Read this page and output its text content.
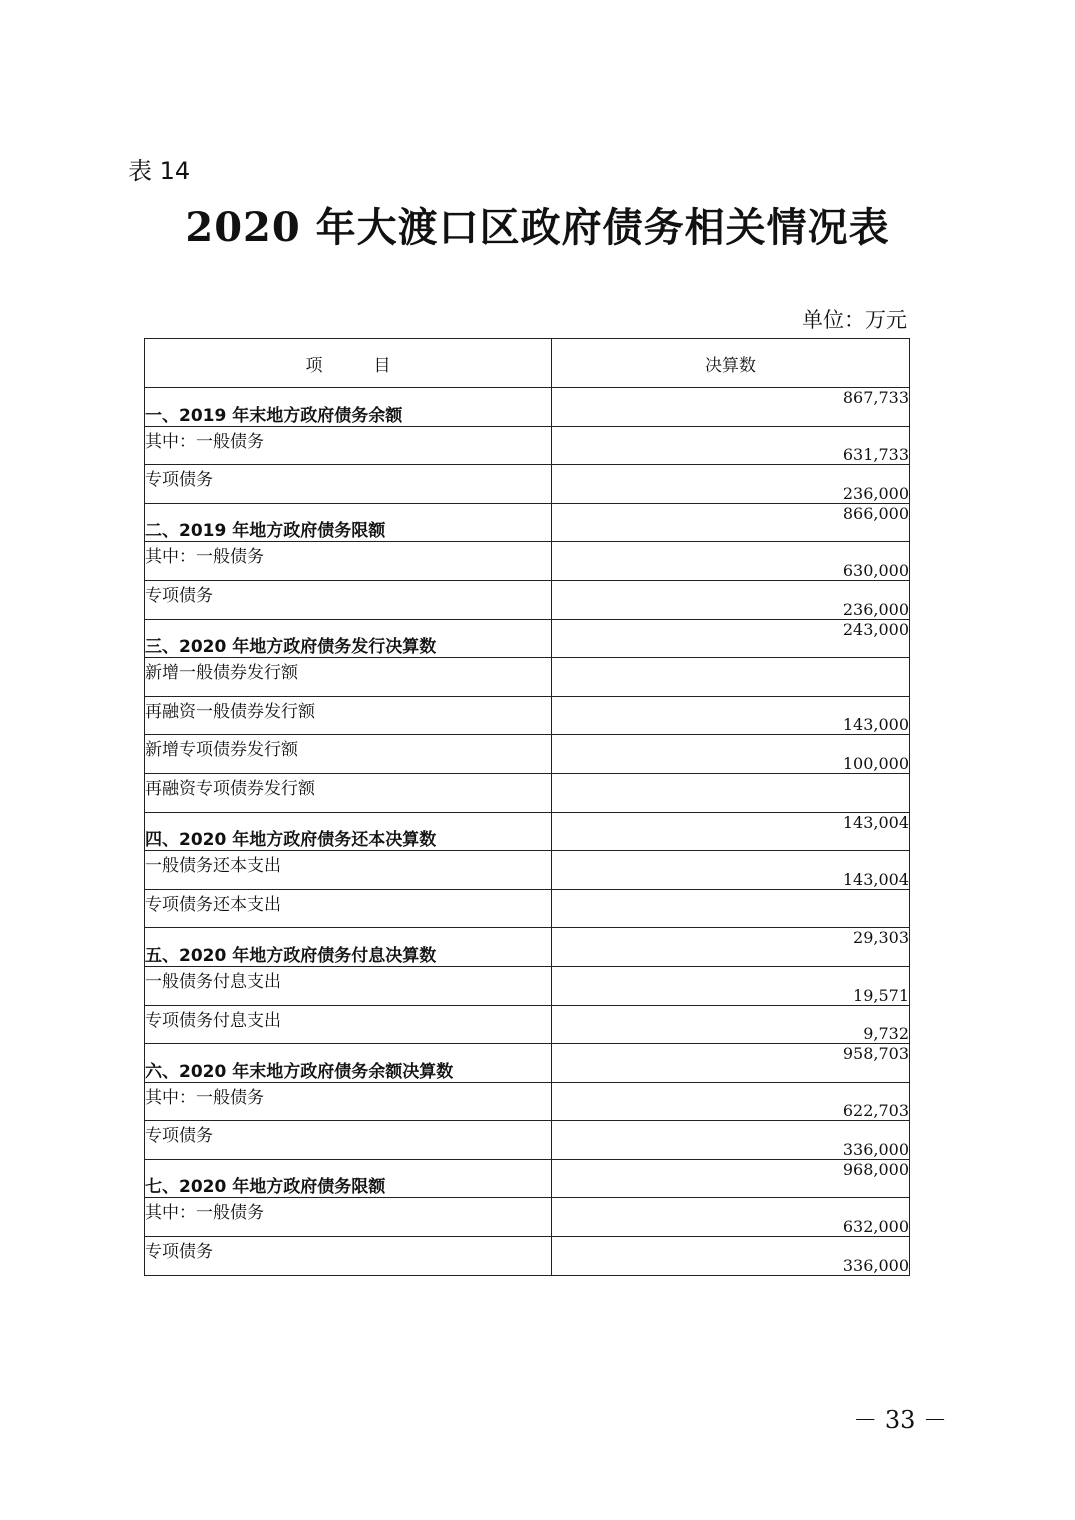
表 14
2020 年大渡口区政府债务相关情况表
单位：万元
项　　　目	决算数
一、2019 年末地方政府债务余额	867,733
其中：一般债务	631,733
专项债务	236,000
二、2019 年地方政府债务限额	866,000
其中：一般债务	630,000
专项债务	236,000
三、2020 年地方政府债务发行决算数	243,000
新增一般债券发行额	
再融资一般债券发行额	143,000
新增专项债券发行额	100,000
再融资专项债券发行额	
四、2020 年地方政府债务还本决算数	143,004
一般债务还本支出	143,004
专项债务还本支出	
五、2020 年地方政府债务付息决算数	29,303
一般债务付息支出	19,571
专项债务付息支出	9,732
六、2020 年末地方政府债务余额决算数	958,703
其中：一般债务	622,703
专项债务	336,000
七、2020 年地方政府债务限额	968,000
其中：一般债务	632,000
专项债务	336,000
－ 33 －
